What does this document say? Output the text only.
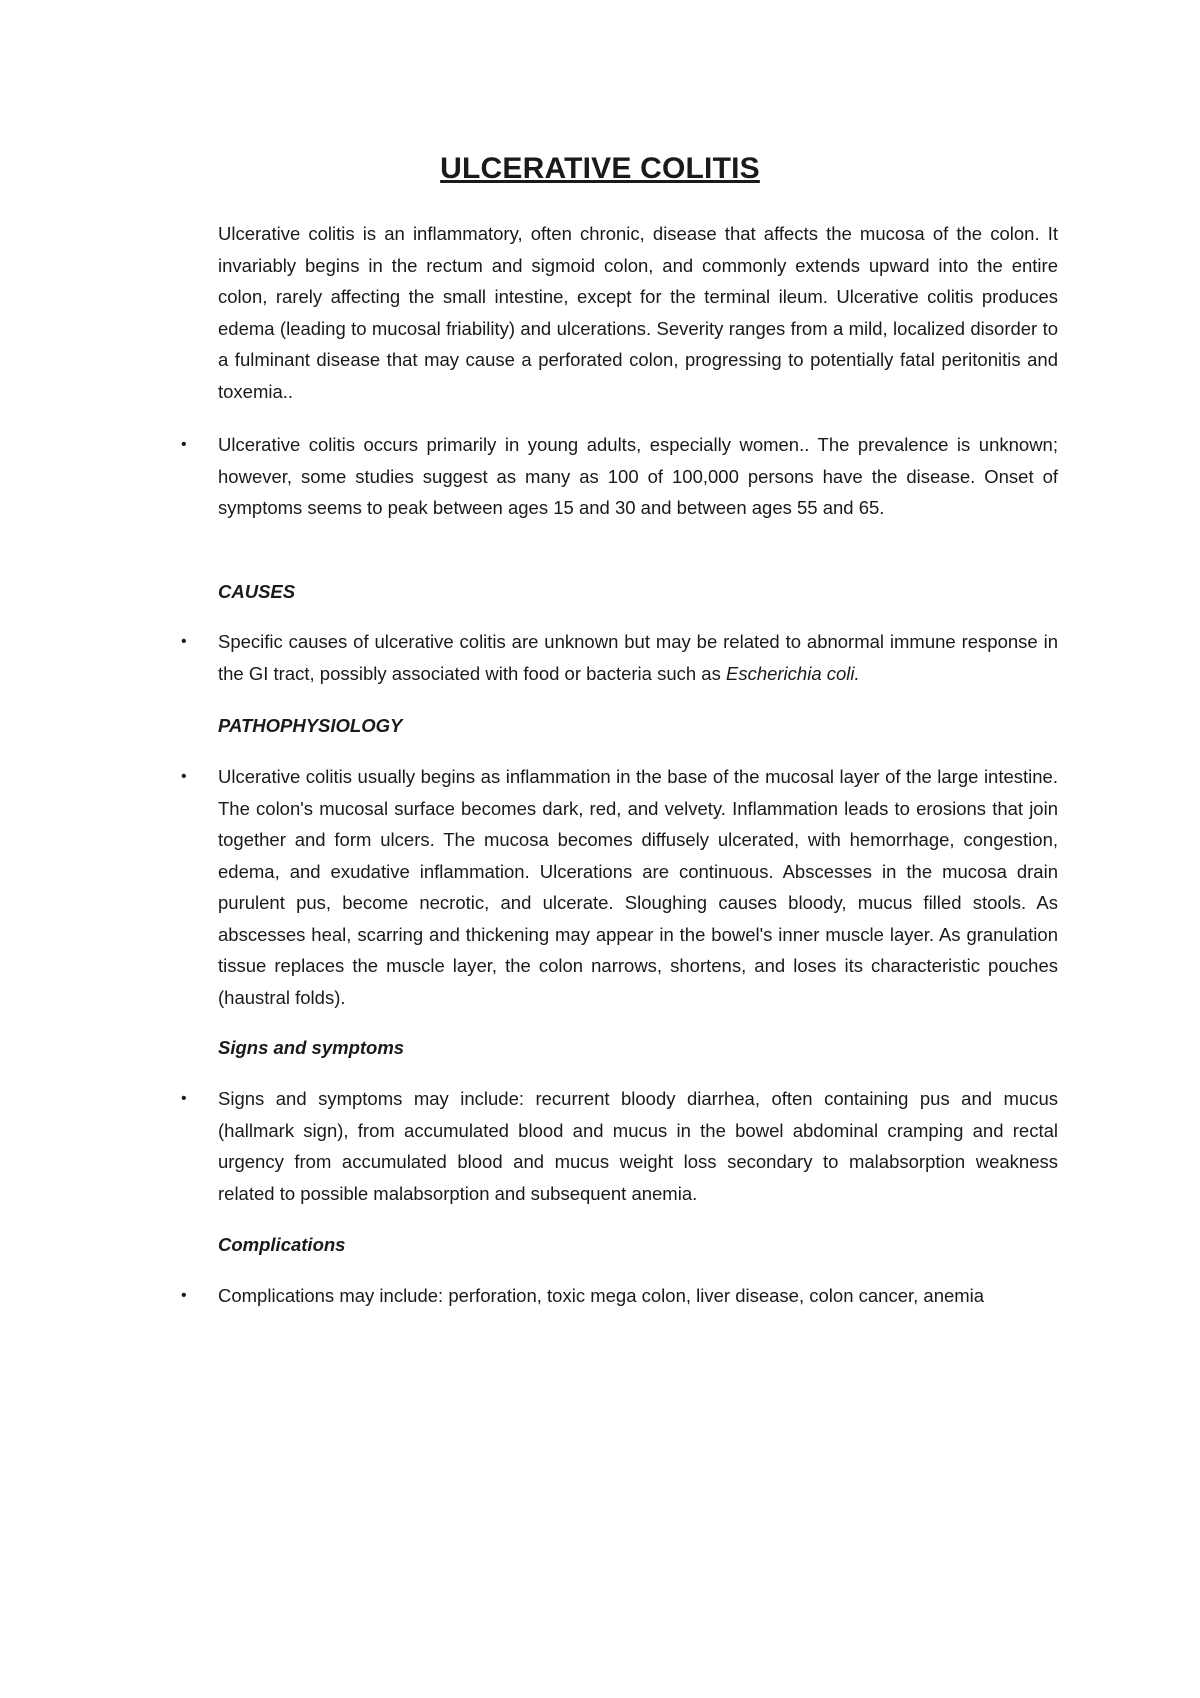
ULCERATIVE COLITIS

Ulcerative colitis is an inflammatory, often chronic, disease that affects the mucosa of the colon. It invariably begins in the rectum and sigmoid colon, and commonly extends upward into the entire colon, rarely affecting the small intestine, except for the terminal ileum. Ulcerative colitis produces edema (leading to mucosal friability) and ulcerations. Severity ranges from a mild, localized disorder to a fulminant disease that may cause a perforated colon, progressing to potentially fatal peritonitis and toxemia..

• Ulcerative colitis occurs primarily in young adults, especially women.. The prevalence is unknown; however, some studies suggest as many as 100 of 100,000 persons have the disease. Onset of symptoms seems to peak between ages 15 and 30 and between ages 55 and 65.

CAUSES

• Specific causes of ulcerative colitis are unknown but may be related to abnormal immune response in the GI tract, possibly associated with food or bacteria such as Escherichia coli.

PATHOPHYSIOLOGY

• Ulcerative colitis usually begins as inflammation in the base of the mucosal layer of the large intestine. The colon's mucosal surface becomes dark, red, and velvety. Inflammation leads to erosions that join together and form ulcers. The mucosa becomes diffusely ulcerated, with hemorrhage, congestion, edema, and exudative inflammation. Ulcerations are continuous. Abscesses in the mucosa drain purulent pus, become necrotic, and ulcerate. Sloughing causes bloody, mucus filled stools. As abscesses heal, scarring and thickening may appear in the bowel's inner muscle layer. As granulation tissue replaces the muscle layer, the colon narrows, shortens, and loses its characteristic pouches (haustral folds).

Signs and symptoms

• Signs and symptoms may include: recurrent bloody diarrhea, often containing pus and mucus (hallmark sign), from accumulated blood and mucus in the bowel abdominal cramping and rectal urgency from accumulated blood and mucus weight loss secondary to malabsorption weakness related to possible malabsorption and subsequent anemia.

Complications

• Complications may include: perforation, toxic mega colon, liver disease, colon cancer, anemia
